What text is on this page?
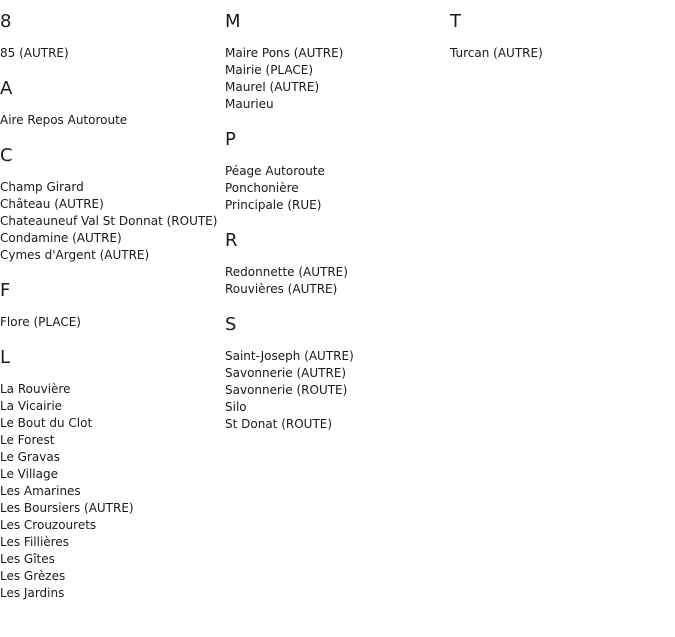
8
85 (AUTRE)
A
Aire Repos Autoroute
C
Champ Girard
Château (AUTRE)
Chateauneuf Val St Donnat (ROUTE)
Condamine (AUTRE)
Cymes d'Argent (AUTRE)
F
Flore (PLACE)
L
La Rouvière
La Vicairie
Le Bout du Clot
Le Forest
Le Gravas
Le Village
Les Amarines
Les Boursiers (AUTRE)
Les Crouzourets
Les Fillières
Les Gîtes
Les Grèzes
Les Jardins
M
Maire Pons (AUTRE)
Mairie (PLACE)
Maurel (AUTRE)
Maurieu
P
Péage Autoroute
Ponchonière
Principale (RUE)
R
Redonnette (AUTRE)
Rouvières (AUTRE)
S
Saint-Joseph (AUTRE)
Savonnerie (AUTRE)
Savonnerie (ROUTE)
Silo
St Donat (ROUTE)
T
Turcan (AUTRE)
